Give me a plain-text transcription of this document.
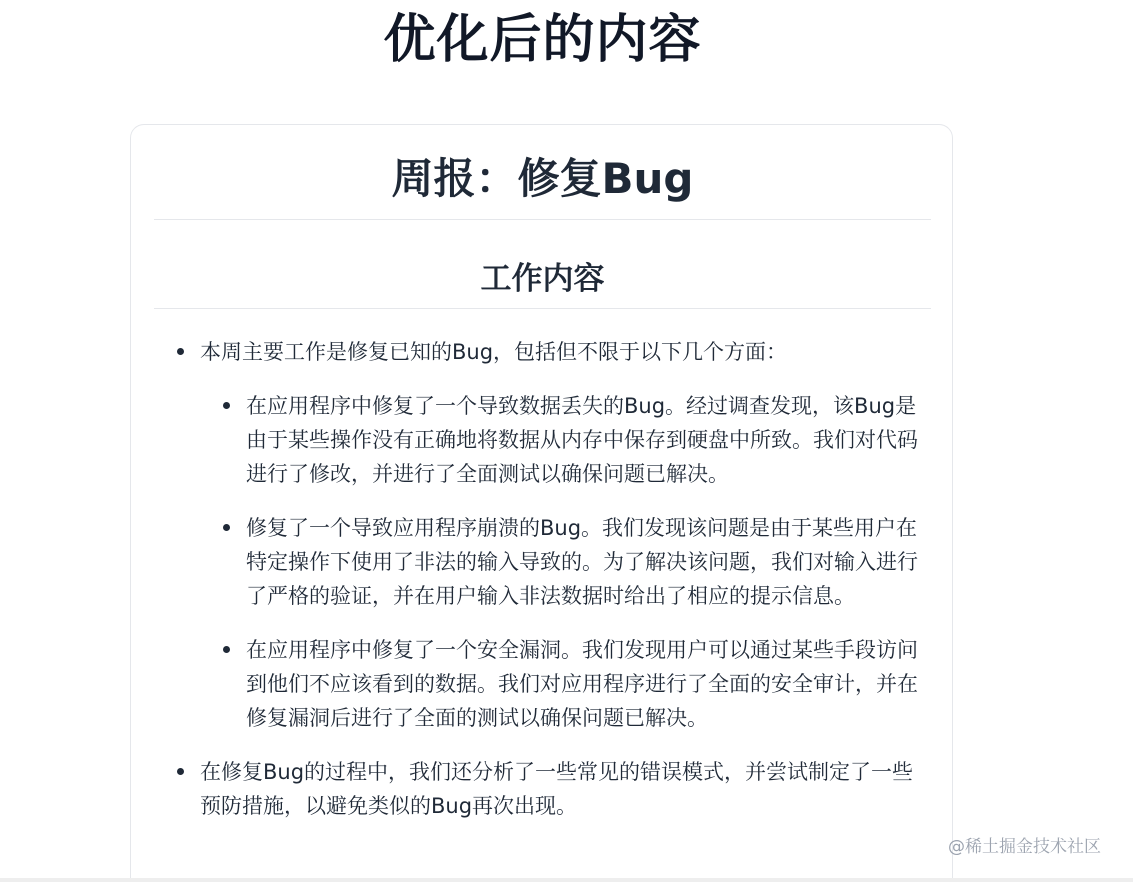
优化后的内容
周报：修复Bug
工作内容
本周主要工作是修复已知的Bug，包括但不限于以下几个方面：
在应用程序中修复了一个导致数据丢失的Bug。经过调查发现，该Bug是由于某些操作没有正确地将数据从内存中保存到硬盘中所致。我们对代码进行了修改，并进行了全面测试以确保问题已解决。
修复了一个导致应用程序崩溃的Bug。我们发现该问题是由于某些用户在特定操作下使用了非法的输入导致的。为了解决该问题，我们对输入进行了严格的验证，并在用户输入非法数据时给出了相应的提示信息。
在应用程序中修复了一个安全漏洞。我们发现用户可以通过某些手段访问到他们不应该看到的数据。我们对应用程序进行了全面的安全审计，并在修复漏洞后进行了全面的测试以确保问题已解决。
在修复Bug的过程中，我们还分析了一些常见的错误模式，并尝试制定了一些预防措施，以避免类似的Bug再次出现。
@稀土掘金技术社区
